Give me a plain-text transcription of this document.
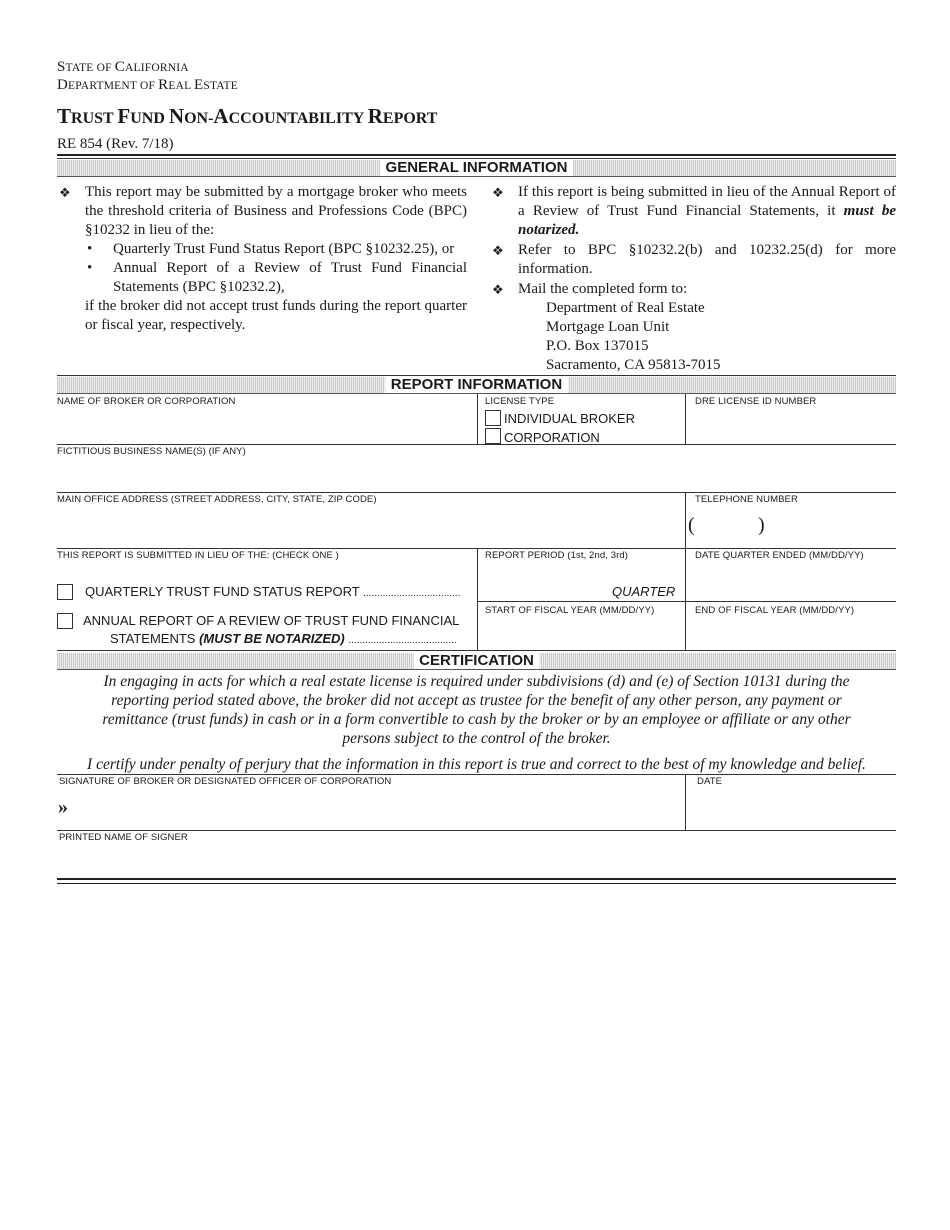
STATE OF CALIFORNIA
DEPARTMENT OF REAL ESTATE
TRUST FUND NON-ACCOUNTABILITY REPORT
RE 854 (Rev. 7/18)
GENERAL INFORMATION
❖ This report may be submitted by a mortgage broker who meets the threshold criteria of Business and Professions Code (BPC) §10232 in lieu of the:
• Quarterly Trust Fund Status Report (BPC §10232.25), or
• Annual Report of a Review of Trust Fund Financial Statements (BPC §10232.2),
if the broker did not accept trust funds during the report quarter or fiscal year, respectively.
❖ If this report is being submitted in lieu of the Annual Report of a Review of Trust Fund Financial Statements, it must be notarized.
❖ Refer to BPC §10232.2(b) and 10232.25(d) for more information.
❖ Mail the completed form to:
Department of Real Estate
Mortgage Loan Unit
P.O. Box 137015
Sacramento, CA 95813-7015
REPORT INFORMATION
NAME OF BROKER OR CORPORATION	LICENSE TYPE
INDIVIDUAL BROKER
CORPORATION
DRE LICENSE ID NUMBER
FICTITIOUS BUSINESS NAME(S) (IF ANY)
MAIN OFFICE ADDRESS (STREET ADDRESS, CITY, STATE, ZIP CODE)	TELEPHONE NUMBER
(	)
THIS REPORT IS SUBMITTED IN LIEU OF THE: (CHECK ONE )
QUARTERLY TRUST FUND STATUS REPORT ...................................
ANNUAL REPORT OF A REVIEW OF TRUST FUND FINANCIAL
STATEMENTS (MUST BE NOTARIZED) .......................................
REPORT PERIOD (1st, 2nd, 3rd)
QUARTER
DATE QUARTER ENDED (MM/DD/YY)
START OF FISCAL YEAR (MM/DD/YY)	END OF FISCAL YEAR (MM/DD/YY)
CERTIFICATION
In engaging in acts for which a real estate license is required under subdivisions (d) and (e) of Section 10131 during the
reporting period stated above, the broker did not accept as trustee for the benefit of any other person, any payment or
remittance (trust funds) in cash or in a form convertible to cash by the broker or by an employee or affiliate or any other
persons subject to the control of the broker.
I certify under penalty of perjury that the information in this report is true and correct to the best of my knowledge and belief.
SIGNATURE OF BROKER OR DESIGNATED OFFICER OF CORPORATION
»
DATE
PRINTED NAME OF SIGNER
